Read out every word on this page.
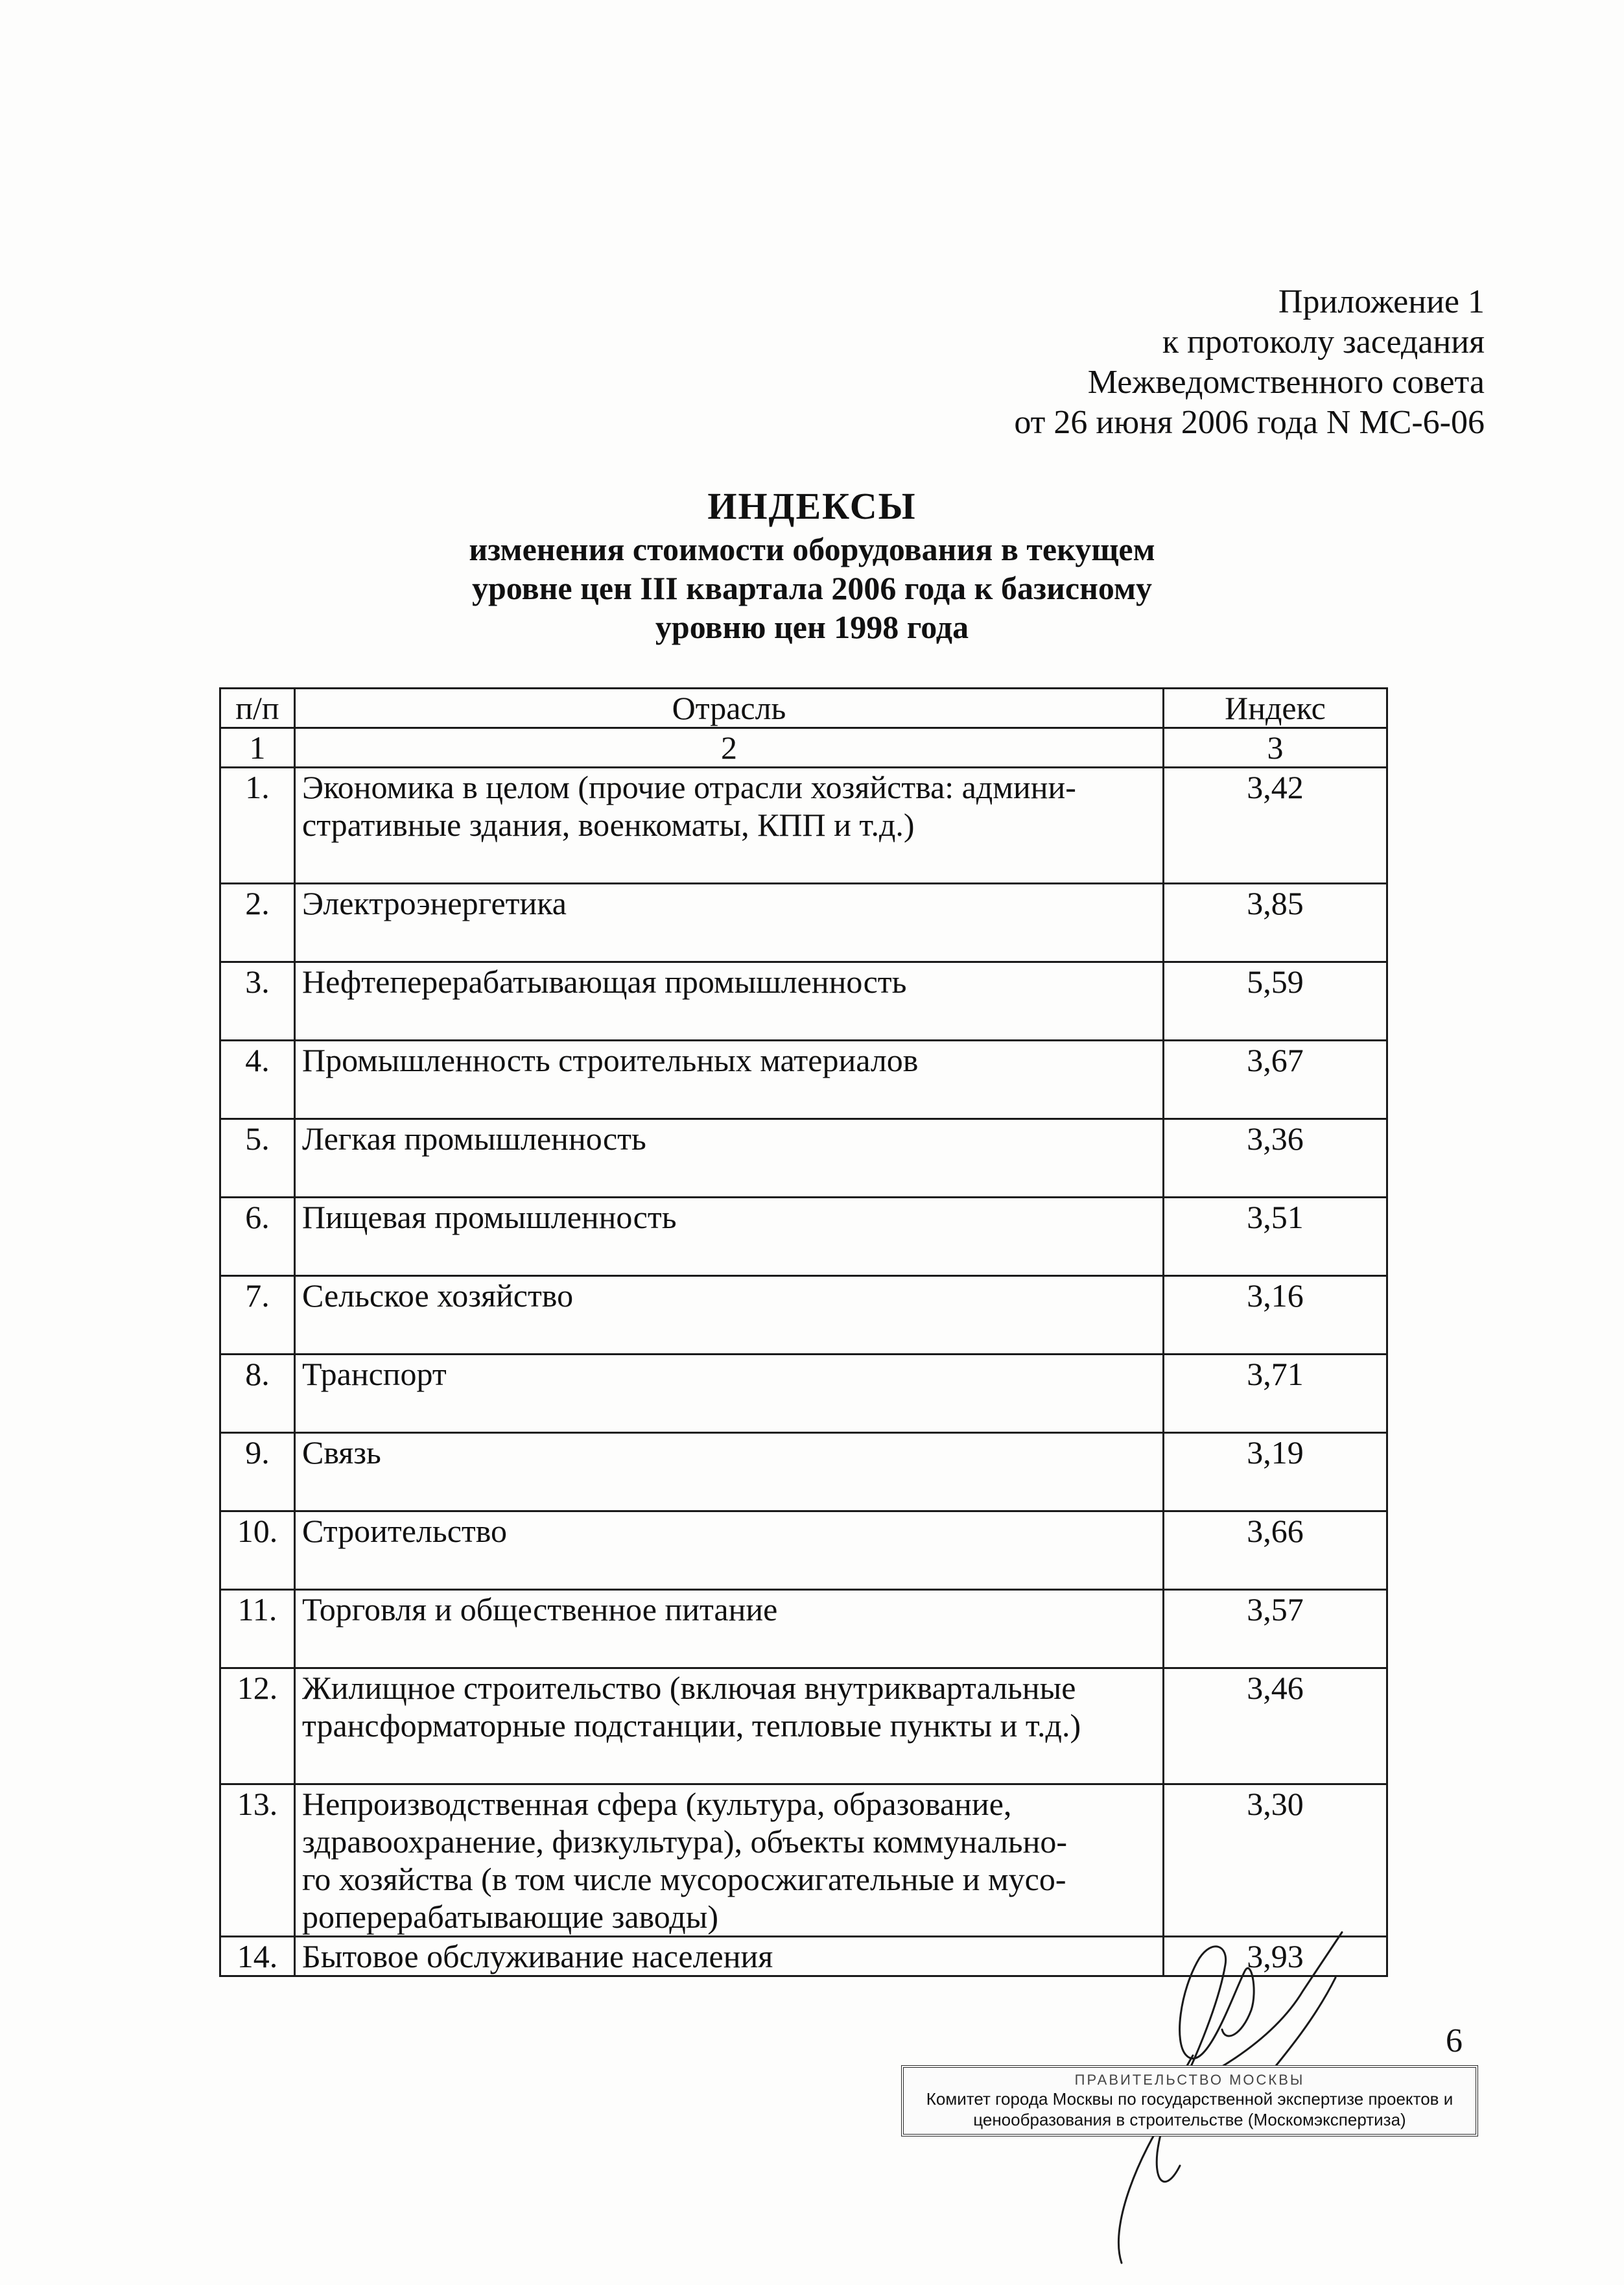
Приложение 1
к протоколу заседания
Межведомственного совета
от 26 июня 2006 года N МС-6-06
ИНДЕКСЫ
изменения стоимости оборудования в текущем
уровне цен III квартала 2006 года к базисному
уровню цен 1998 года
п/п	Отрасль	Индекс
1	2	3
1.	Экономика в целом (прочие отрасли хозяйства: админи-
стративные здания, военкоматы, КПП и т.д.)	3,42
2.	Электроэнергетика	3,85
3.	Нефтеперерабатывающая промышленность	5,59
4.	Промышленность строительных материалов	3,67
5.	Легкая промышленность	3,36
6.	Пищевая промышленность	3,51
7.	Сельское хозяйство	3,16
8.	Транспорт	3,71
9.	Связь	3,19
10.	Строительство	3,66
11.	Торговля и общественное питание	3,57
12.	Жилищное строительство (включая внутриквартальные
трансформаторные подстанции, тепловые пункты и т.д.)	3,46
13.	Непроизводственная сфера (культура, образование,
здравоохранение, физкультура), объекты коммунально-
го хозяйства (в том числе мусоросжигательные и мусо-
роперерабатывающие заводы)	3,30
14.	Бытовое обслуживание населения	3,93
6
ПРАВИТЕЛЬСТВО МОСКВЫ
Комитет города Москвы по государственной экспертизе проектов и
ценообразования в строительстве (Москомэкспертиза)
